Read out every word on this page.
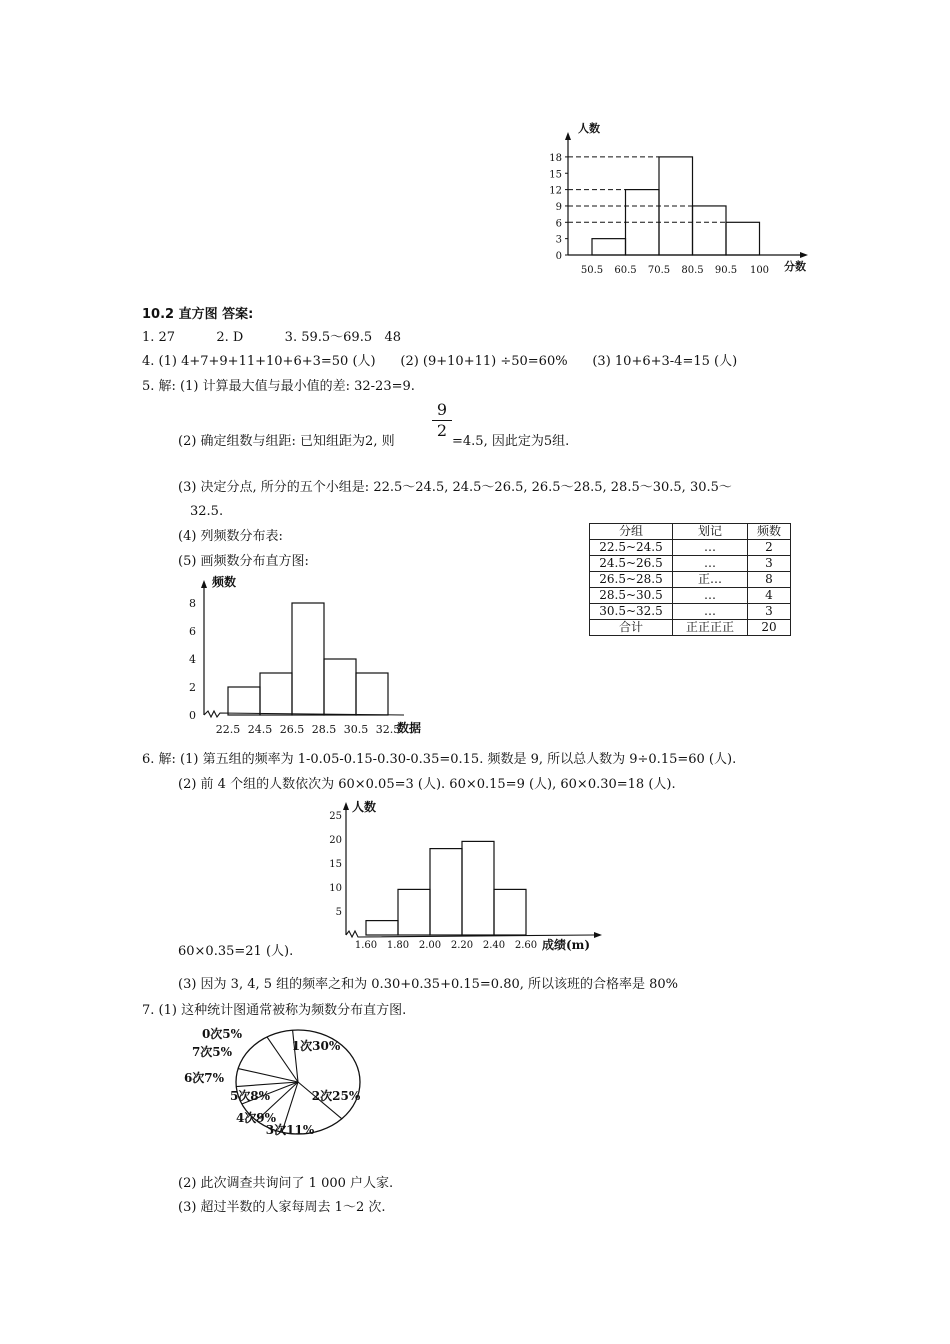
人数
分数
0
3
6
9
12
15
18
50.5 60.5 70.5 80.5 90.5 100
10.2 直方图 答案:
1. 27          2. D          3. 59.5～69.5   48
4. (1) 4+7+9+11+10+6+3=50 (人)      (2) (9+10+11) ÷50=60%      (3) 10+6+3-4=15 (人)
5. 解: (1) 计算最大值与最小值的差: 32-23=9.
(2) 确定组数与组距: 已知组距为2, 则
$\frac{9}{2}$
=4.5, 因此定为5组.
(3) 决定分点, 所分的五个小组是: 22.5～24.5, 24.5～26.5, 26.5～28.5, 28.5～30.5, 30.5～
32.5.
(4) 列频数分布表:
(5) 画频数分布直方图:
分组	划记	频数
22.5~24.5	…	2
24.5~26.5	…	3
26.5~28.5	正…	8
28.5~30.5	…	4
30.5~32.5	…	3
合计	正正正正	20
频数
数据
0
2
4
6
8
22.5 24.5 26.5 28.5 30.5 32.5
6. 解: (1) 第五组的频率为 1-0.05-0.15-0.30-0.35=0.15. 频数是 9, 所以总人数为 9÷0.15=60 (人).
(2) 前 4 个组的人数依次为 60×0.05=3 (人). 60×0.15=9 (人), 60×0.30=18 (人).
人数
成绩(m)
5
10
15
20
25
1.60 1.80 2.00 2.20 2.40 2.60
60×0.35=21 (人).
(3) 因为 3, 4, 5 组的频率之和为 0.30+0.35+0.15=0.80, 所以该班的合格率是 80%
7. (1) 这种统计图通常被称为频数分布直方图.
0次5%
1次30%
2次25%
3次11%
4次9%
5次8%
6次7%
7次5%
(2) 此次调查共询问了 1 000 户人家.
(3) 超过半数的人家每周去 1～2 次.
